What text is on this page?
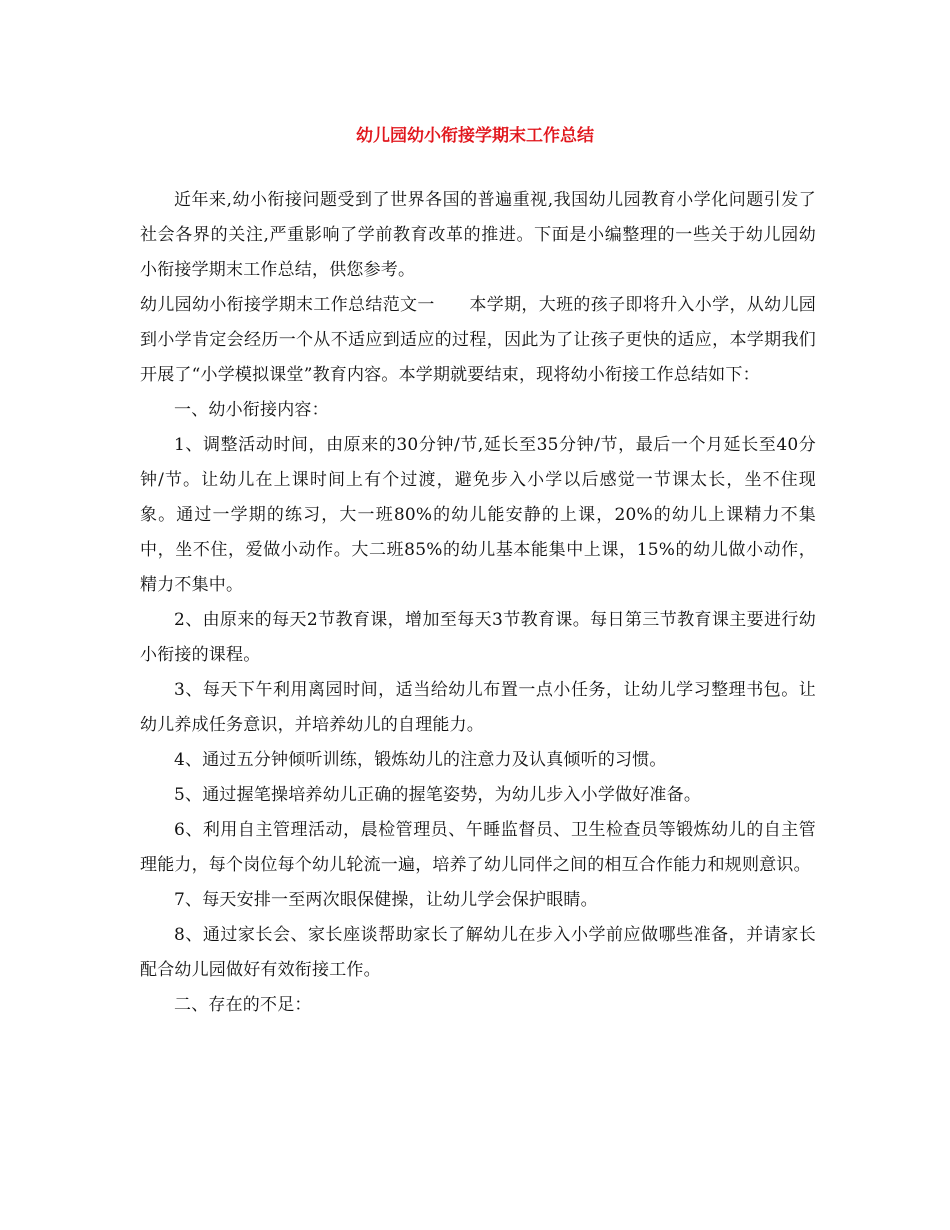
幼儿园幼小衔接学期末工作总结

近年来,幼小衔接问题受到了世界各国的普遍重视,我国幼儿园教育小学化问题引发了社会各界的关注,严重影响了学前教育改革的推进。下面是小编整理的一些关于幼儿园幼小衔接学期末工作总结，供您参考。

幼儿园幼小衔接学期末工作总结范文一　　本学期，大班的孩子即将升入小学，从幼儿园到小学肯定会经历一个从不适应到适应的过程，因此为了让孩子更快的适应，本学期我们开展了“小学模拟课堂”教育内容。本学期就要结束，现将幼小衔接工作总结如下：

一、幼小衔接内容：

1、调整活动时间，由原来的30分钟/节,延长至35分钟/节，最后一个月延长至40分钟/节。让幼儿在上课时间上有个过渡，避免步入小学以后感觉一节课太长，坐不住现象。通过一学期的练习，大一班80%的幼儿能安静的上课，20%的幼儿上课精力不集中，坐不住，爱做小动作。大二班85%的幼儿基本能集中上课，15%的幼儿做小动作，精力不集中。

2、由原来的每天2节教育课，增加至每天3节教育课。每日第三节教育课主要进行幼小衔接的课程。

3、每天下午利用离园时间，适当给幼儿布置一点小任务，让幼儿学习整理书包。让幼儿养成任务意识，并培养幼儿的自理能力。

4、通过五分钟倾听训练，锻炼幼儿的注意力及认真倾听的习惯。

5、通过握笔操培养幼儿正确的握笔姿势，为幼儿步入小学做好准备。

6、利用自主管理活动，晨检管理员、午睡监督员、卫生检查员等锻炼幼儿的自主管理能力，每个岗位每个幼儿轮流一遍，培养了幼儿同伴之间的相互合作能力和规则意识。

7、每天安排一至两次眼保健操，让幼儿学会保护眼睛。

8、通过家长会、家长座谈帮助家长了解幼儿在步入小学前应做哪些准备，并请家长配合幼儿园做好有效衔接工作。

二、存在的不足：
